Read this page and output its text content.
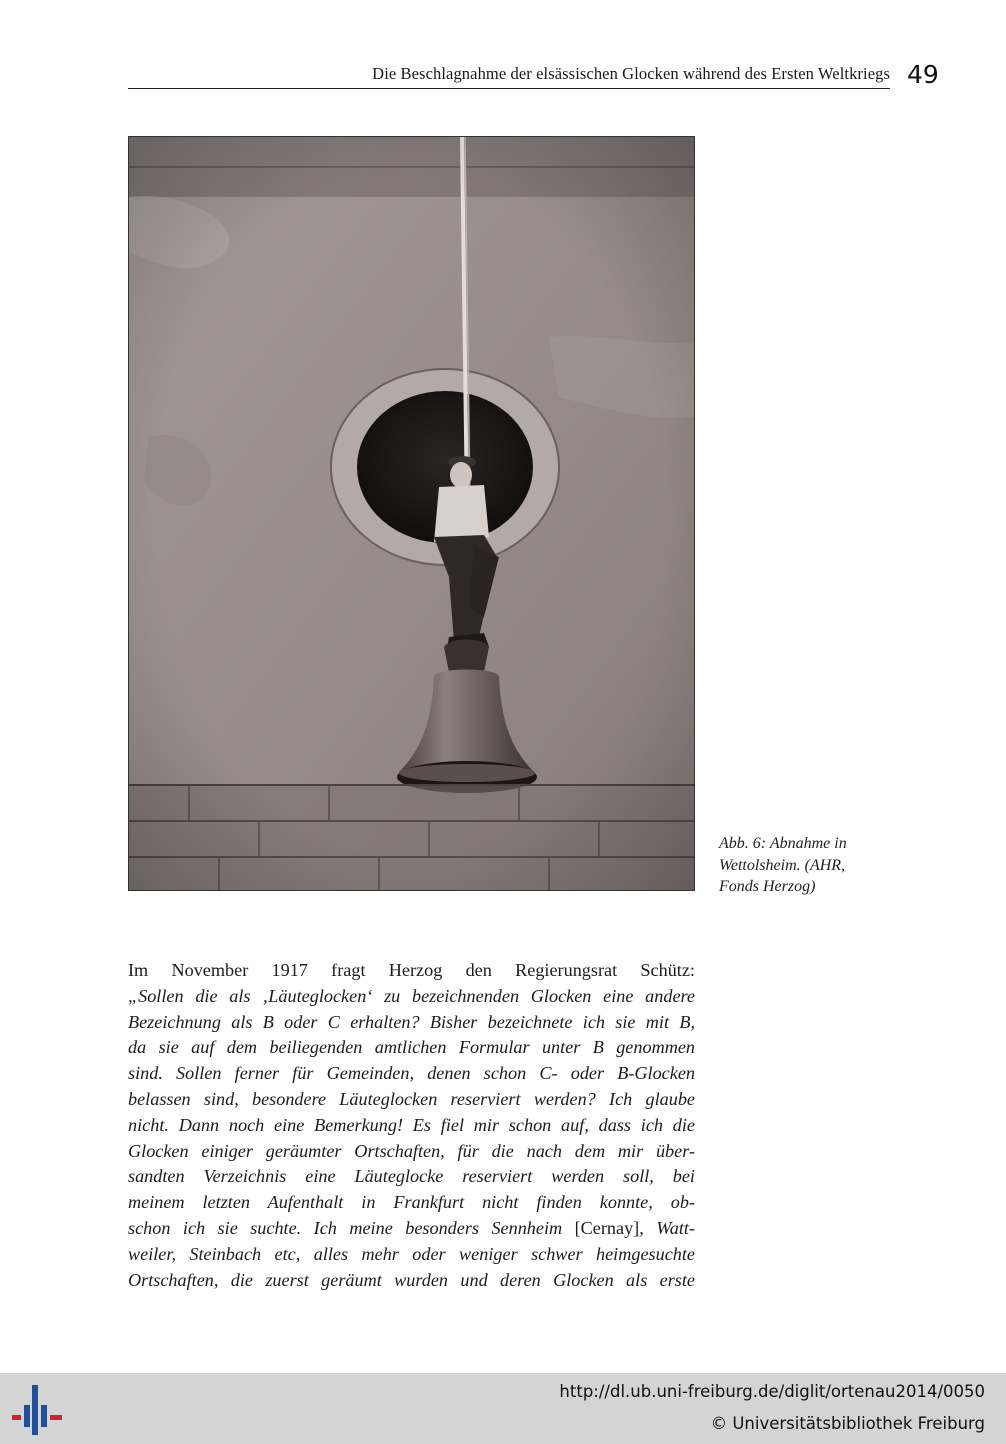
Die Beschlagnahme der elsässischen Glocken während des Ersten Weltkriegs 49
Abb. 6: Abnahme in
Wettolsheim. (AHR,
Fonds Herzog)
Im November 1917 fragt Herzog den Regierungsrat Schütz:
„Sollen die als ‚Läuteglocken‘ zu bezeichnenden Glocken eine andere
Bezeichnung als B oder C erhalten? Bisher bezeichnete ich sie mit B,
da sie auf dem beiliegenden amtlichen Formular unter B genommen
sind. Sollen ferner für Gemeinden, denen schon C- oder B-Glocken
belassen sind, besondere Läuteglocken reserviert werden? Ich glaube
nicht. Dann noch eine Bemerkung! Es fiel mir schon auf, dass ich die
Glocken einiger geräumter Ortschaften, für die nach dem mir über-
sandten Verzeichnis eine Läuteglocke reserviert werden soll, bei
meinem letzten Aufenthalt in Frankfurt nicht finden konnte, ob-
schon ich sie suchte. Ich meine besonders Sennheim [Cernay], Watt-
weiler, Steinbach etc, alles mehr oder weniger schwer heimgesuchte
Ortschaften, die zuerst geräumt wurden und deren Glocken als erste
http://dl.ub.uni-freiburg.de/diglit/ortenau2014/0050
© Universitätsbibliothek Freiburg
